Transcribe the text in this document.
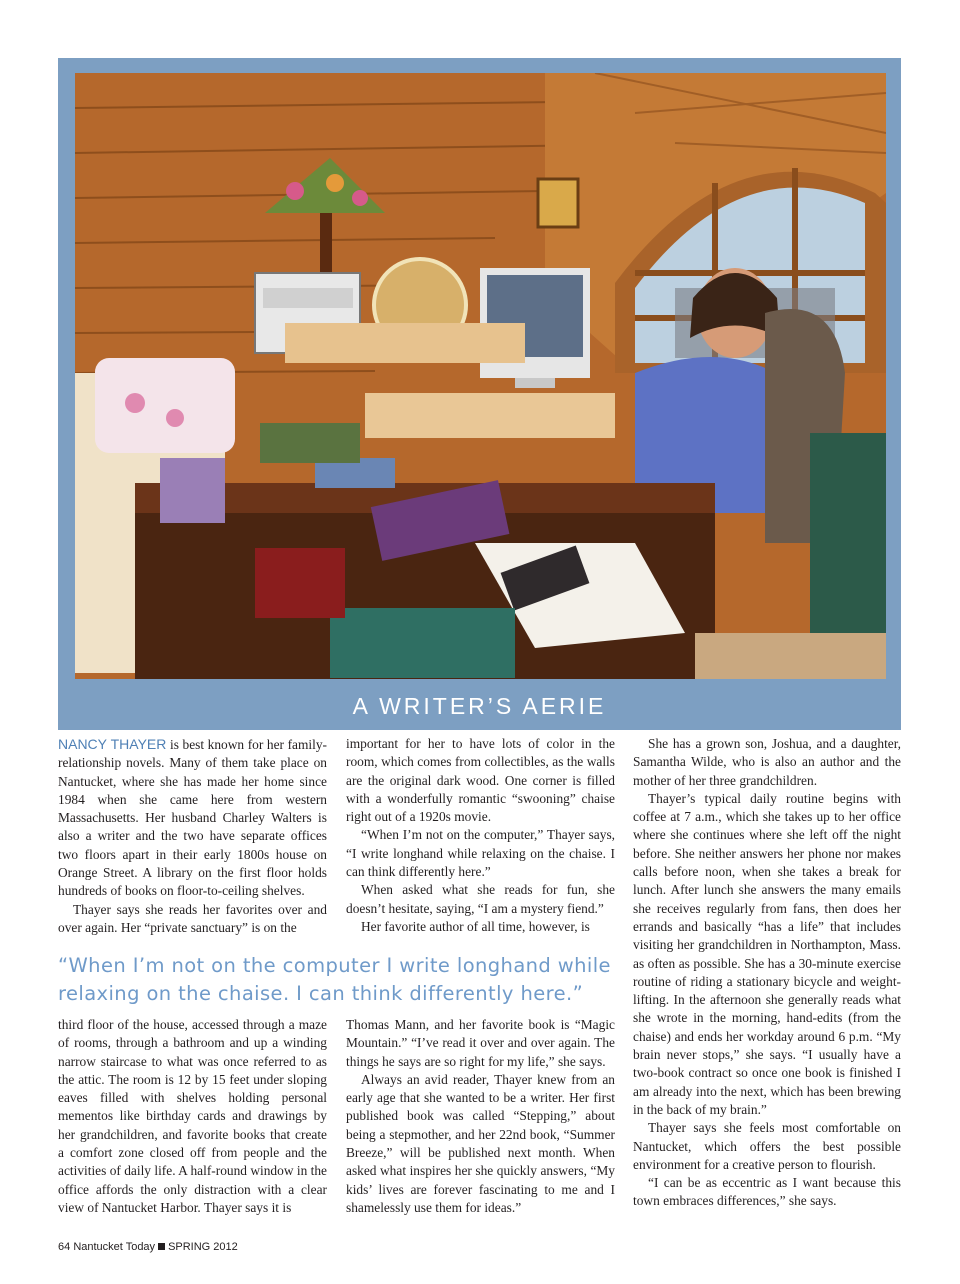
A WRITER’S AERIE

NANCY THAYER is best known for her family-relationship novels. Many of them take place on Nantucket, where she has made her home since 1984 when she came here from western Massachusetts. Her husband Charley Walters is also a writer and the two have separate offices two floors apart in their early 1800s house on Orange Street. A library on the first floor holds hundreds of books on floor-to-ceiling shelves.

Thayer says she reads her favorites over and over again. Her “private sanctuary” is on the

important for her to have lots of color in the room, which comes from collectibles, as the walls are the original dark wood. One corner is filled with a wonderfully romantic “swooning” chaise right out of a 1920s movie.

“When I’m not on the computer,” Thayer says, “I write longhand while relaxing on the chaise. I can think differently here.”

When asked what she reads for fun, she doesn’t hesitate, saying, “I am a mystery fiend.”

Her favorite author of all time, however, is

“When I’m not on the computer I write longhand while relaxing on the chaise. I can think differently here.”

third floor of the house, accessed through a maze of rooms, through a bathroom and up a winding narrow staircase to what was once referred to as the attic. The room is 12 by 15 feet under sloping eaves filled with shelves holding personal mementos like birthday cards and drawings by her grandchildren, and favorite books that create a comfort zone closed off from people and the activities of daily life. A half-round window in the office affords the only distraction with a clear view of Nantucket Harbor. Thayer says it is

Thomas Mann, and her favorite book is “Magic Mountain.” “I’ve read it over and over again. The things he says are so right for my life,” she says.

Always an avid reader, Thayer knew from an early age that she wanted to be a writer. Her first published book was called “Stepping,” about being a stepmother, and her 22nd book, “Summer Breeze,” will be published next month. When asked what inspires her she quickly answers, “My kids’ lives are forever fascinating to me and I shamelessly use them for ideas.”

She has a grown son, Joshua, and a daughter, Samantha Wilde, who is also an author and the mother of her three grandchildren.

Thayer’s typical daily routine begins with coffee at 7 a.m., which she takes up to her office where she continues where she left off the night before. She neither answers her phone nor makes calls before noon, when she takes a break for lunch. After lunch she answers the many emails she receives regularly from fans, then does her errands and basically “has a life” that includes visiting her grandchildren in Northampton, Mass. as often as possible. She has a 30-minute exercise routine of riding a stationary bicycle and weight-lifting. In the afternoon she generally reads what she wrote in the morning, hand-edits (from the chaise) and ends her workday around 6 p.m. “My brain never stops,” she says. “I usually have a two-book contract so once one book is finished I am already into the next, which has been brewing in the back of my brain.”

Thayer says she feels most comfortable on Nantucket, which offers the best possible environment for a creative person to flourish.

“I can be as eccentric as I want because this town embraces differences,” she says.

64 Nantucket Today SPRING 2012
